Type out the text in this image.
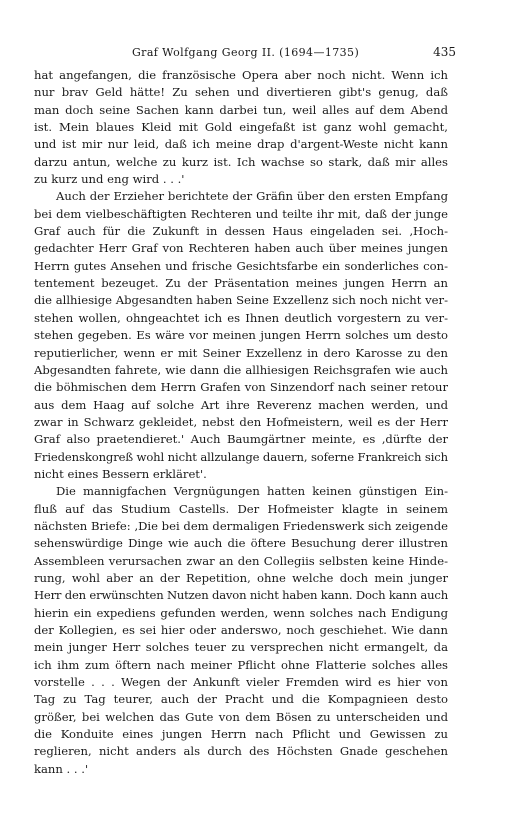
Graf Wolfgang Georg II. (1694—1735)	435
hat angefangen, die französische Opera aber noch nicht. Wenn ich
nur brav Geld hätte! Zu sehen und divertieren gibt's genug, daß
man doch seine Sachen kann darbei tun, weil alles auf dem Abend
ist. Mein blaues Kleid mit Gold eingefaßt ist ganz wohl gemacht,
und ist mir nur leid, daß ich meine drap d'argent-Weste nicht kann
darzu antun, welche zu kurz ist. Ich wachse so stark, daß mir alles
zu kurz und eng wird . . .'
Auch der Erzieher berichtete der Gräfin über den ersten Empfang
bei dem vielbeschäftigten Rechteren und teilte ihr mit, daß der junge
Graf auch für die Zukunft in dessen Haus eingeladen sei. ‚Hoch-
gedachter Herr Graf von Rechteren haben auch über meines jungen
Herrn gutes Ansehen und frische Gesichtsfarbe ein sonderliches con-
tentement bezeuget. Zu der Präsentation meines jungen Herrn an
die allhiesige Abgesandten haben Seine Exzellenz sich noch nicht ver-
stehen wollen, ohngeachtet ich es Ihnen deutlich vorgestern zu ver-
stehen gegeben. Es wäre vor meinen jungen Herrn solches um desto
reputierlicher, wenn er mit Seiner Exzellenz in dero Karosse zu den
Abgesandten fahrete, wie dann die allhiesigen Reichsgrafen wie auch
die böhmischen dem Herrn Grafen von Sinzendorf nach seiner retour
aus dem Haag auf solche Art ihre Reverenz machen werden, und
zwar in Schwarz gekleidet, nebst den Hofmeistern, weil es der Herr
Graf also praetendieret.' Auch Baumgärtner meinte, es ‚dürfte der
Friedenskongreß wohl nicht allzulange dauern, soferne Frankreich sich
nicht eines Bessern erkläret'.
Die mannigfachen Vergnügungen hatten keinen günstigen Ein-
fluß auf das Studium Castells. Der Hofmeister klagte in seinem
nächsten Briefe: ‚Die bei dem dermaligen Friedenswerk sich zeigende
sehenswürdige Dinge wie auch die öftere Besuchung derer illustren
Assembleen verursachen zwar an den Collegiis selbsten keine Hinde-
rung, wohl aber an der Repetition, ohne welche doch mein junger
Herr den erwünschten Nutzen davon nicht haben kann. Doch kann auch
hierin ein expediens gefunden werden, wenn solches nach Endigung
der Kollegien, es sei hier oder anderswo, noch geschiehet. Wie dann
mein junger Herr solches teuer zu versprechen nicht ermangelt, da
ich ihm zum öftern nach meiner Pflicht ohne Flatterie solches alles
vorstelle . . . Wegen der Ankunft vieler Fremden wird es hier von
Tag zu Tag teurer, auch der Pracht und die Kompagnieen desto
größer, bei welchen das Gute von dem Bösen zu unterscheiden und
die Konduite eines jungen Herrn nach Pflicht und Gewissen zu
reglieren, nicht anders als durch des Höchsten Gnade geschehen
kann . . .'
